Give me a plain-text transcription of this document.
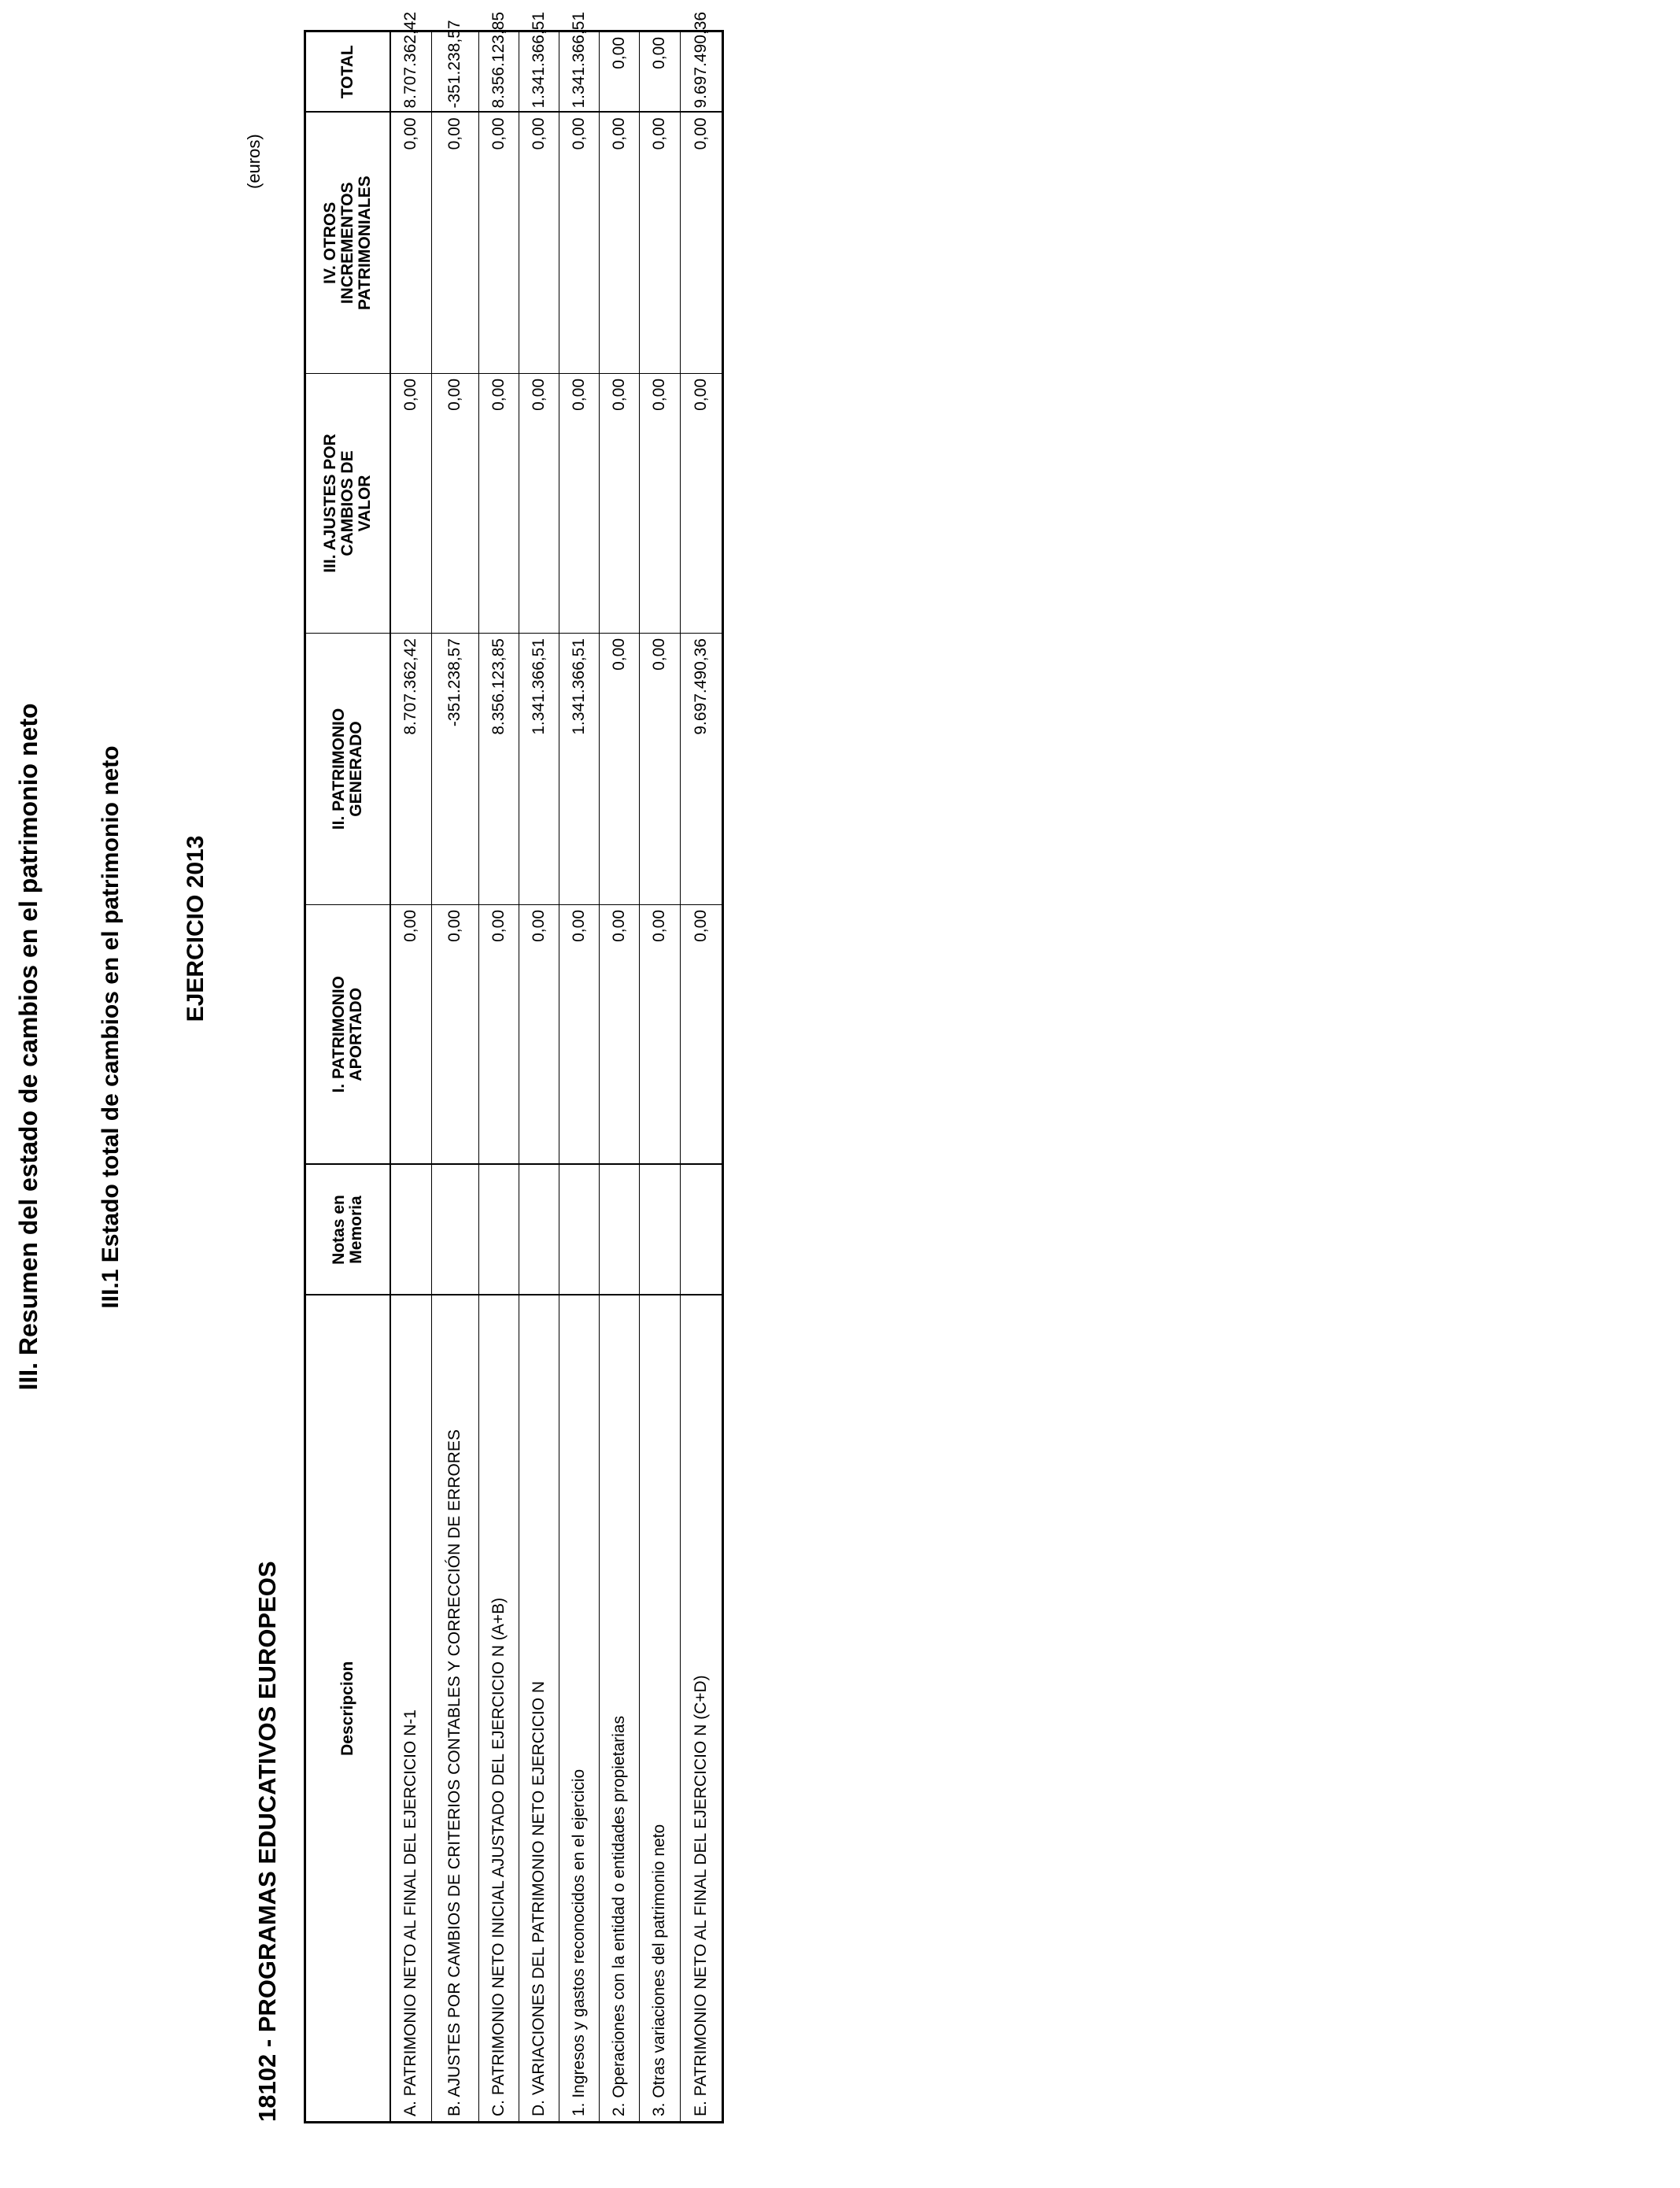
III. Resumen del estado de cambios en el patrimonio neto III.1 Estado total de cambios en el patrimonio neto	EJERCICIO 2013
18102 - PROGRAMAS EDUCATIVOS EUROPEOS
(euros)
Descripcion	Notas en Memoria	I. PATRIMONIO APORTADO	II. PATRIMONIO GENERADO	III. AJUSTES POR CAMBIOS DE VALOR	IV. OTROS INCREMENTOS PATRIMONIALES	TOTAL
A. PATRIMONIO NETO AL FINAL DEL EJERCICIO N-1		0,00	8.707.362,42	0,00	0,00	8.707.362,42
B. AJUSTES POR CAMBIOS DE CRITERIOS CONTABLES Y CORRECCIÓN DE ERRORES		0,00	-351.238,57	0,00	0,00	-351.238,57
C. PATRIMONIO NETO INICIAL AJUSTADO DEL EJERCICIO N (A+B)		0,00	8.356.123,85	0,00	0,00	8.356.123,85
D. VARIACIONES DEL PATRIMONIO NETO EJERCICIO N		0,00	1.341.366,51	0,00	0,00	1.341.366,51
1. Ingresos y gastos reconocidos en el ejercicio		0,00	1.341.366,51	0,00	0,00	1.341.366,51
2. Operaciones con la entidad o entidades propietarias		0,00	0,00	0,00	0,00	0,00
3. Otras variaciones del patrimonio neto		0,00	0,00	0,00	0,00	0,00
E. PATRIMONIO NETO AL FINAL DEL EJERCICIO N (C+D)		0,00	9.697.490,36	0,00	0,00	9.697.490,36
